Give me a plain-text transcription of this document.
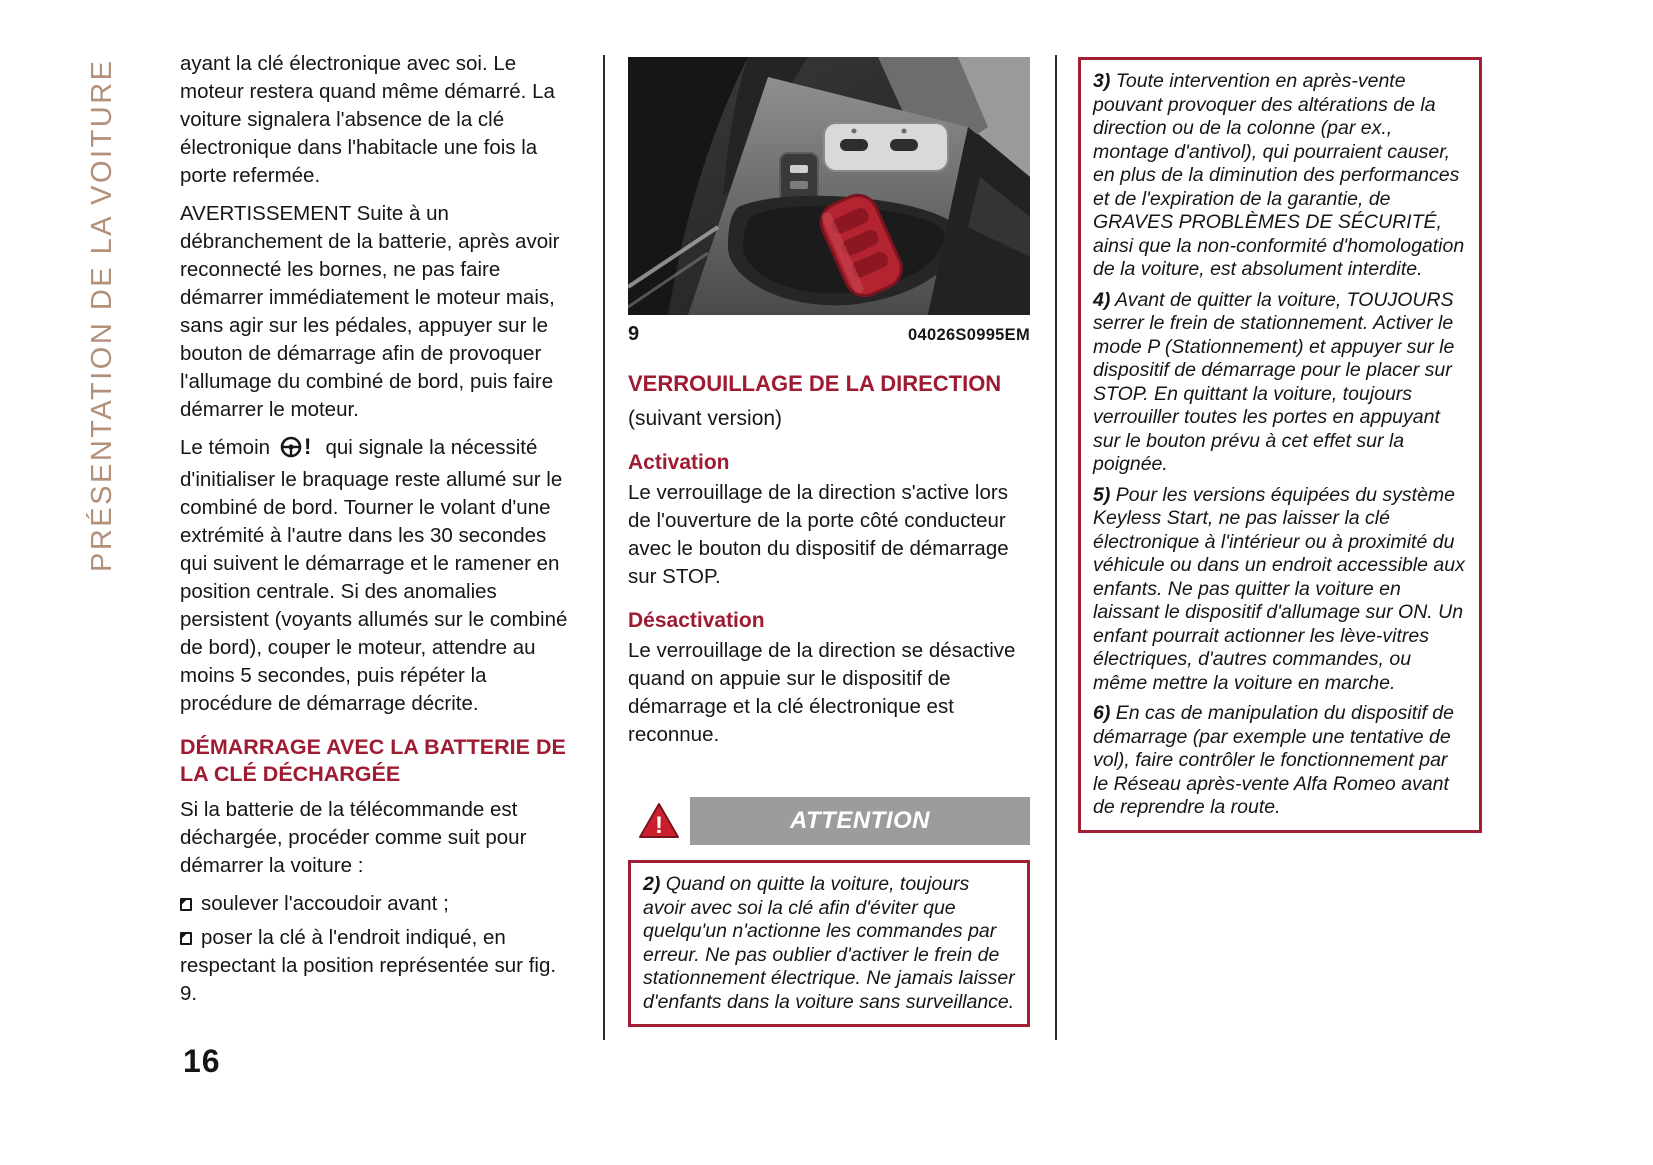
PRÉSENTATION DE LA VOITURE	ayant la clé électronique avec soi. Le moteur restera quand même démarré. La voiture signalera l'absence de la clé électronique dans l'habitacle une fois la porte refermée.

AVERTISSEMENT Suite à un débranchement de la batterie, après avoir reconnecté les bornes, ne pas faire démarrer immédiatement le moteur mais, sans agir sur les pédales, appuyer sur le bouton de démarrage afin de provoquer l'allumage du combiné de bord, puis faire démarrer le moteur.

Le témoin ! qui signale la nécessité d'initialiser le braquage reste allumé sur le combiné de bord. Tourner le volant d'une extrémité à l'autre dans les 30 secondes qui suivent le démarrage et le ramener en position centrale. Si des anomalies persistent (voyants allumés sur le combiné de bord), couper le moteur, attendre au moins 5 secondes, puis répéter la procédure de démarrage décrite.

DÉMARRAGE AVEC LA BATTERIE DE LA CLÉ DÉCHARGÉE

Si la batterie de la télécommande est déchargée, procéder comme suit pour démarrer la voiture :

soulever l'accoudoir avant ;
poser la clé à l'endroit indiqué, en respectant la position représentée sur fig. 9.
9	04026S0995EM
VERROUILLAGE DE LA DIRECTION
(suivant version)
Activation

Le verrouillage de la direction s'active lors de l'ouverture de la porte côté conducteur avec le bouton du dispositif de démarrage sur STOP.

Désactivation

Le verrouillage de la direction se désactive quand on appuie sur le dispositif de démarrage et la clé électronique est reconnue.

!	ATTENTION

2) Quand on quitte la voiture, toujours avoir avec soi la clé afin d'éviter que quelqu'un n'actionne les commandes par erreur. Ne pas oublier d'activer le frein de stationnement électrique. Ne jamais laisser d'enfants dans la voiture sans surveillance.

3) Toute intervention en après-vente pouvant provoquer des altérations de la direction ou de la colonne (par ex., montage d'antivol), qui pourraient causer, en plus de la diminution des performances et de l'expiration de la garantie, de GRAVES PROBLÈMES DE SÉCURITÉ, ainsi que la non-conformité d'homologation de la voiture, est absolument interdite.

4) Avant de quitter la voiture, TOUJOURS serrer le frein de stationnement. Activer le mode P (Stationnement) et appuyer sur le dispositif de démarrage pour le placer sur STOP. En quittant la voiture, toujours verrouiller toutes les portes en appuyant sur le bouton prévu à cet effet sur la poignée.

5) Pour les versions équipées du système Keyless Start, ne pas laisser la clé électronique à l'intérieur ou à proximité du véhicule ou dans un endroit accessible aux enfants. Ne pas quitter la voiture en laissant le dispositif d'allumage sur ON. Un enfant pourrait actionner les lève-vitres électriques, d'autres commandes, ou même mettre la voiture en marche.

6) En cas de manipulation du dispositif de démarrage (par exemple une tentative de vol), faire contrôler le fonctionnement par le Réseau après-vente Alfa Romeo avant de reprendre la route.

16
